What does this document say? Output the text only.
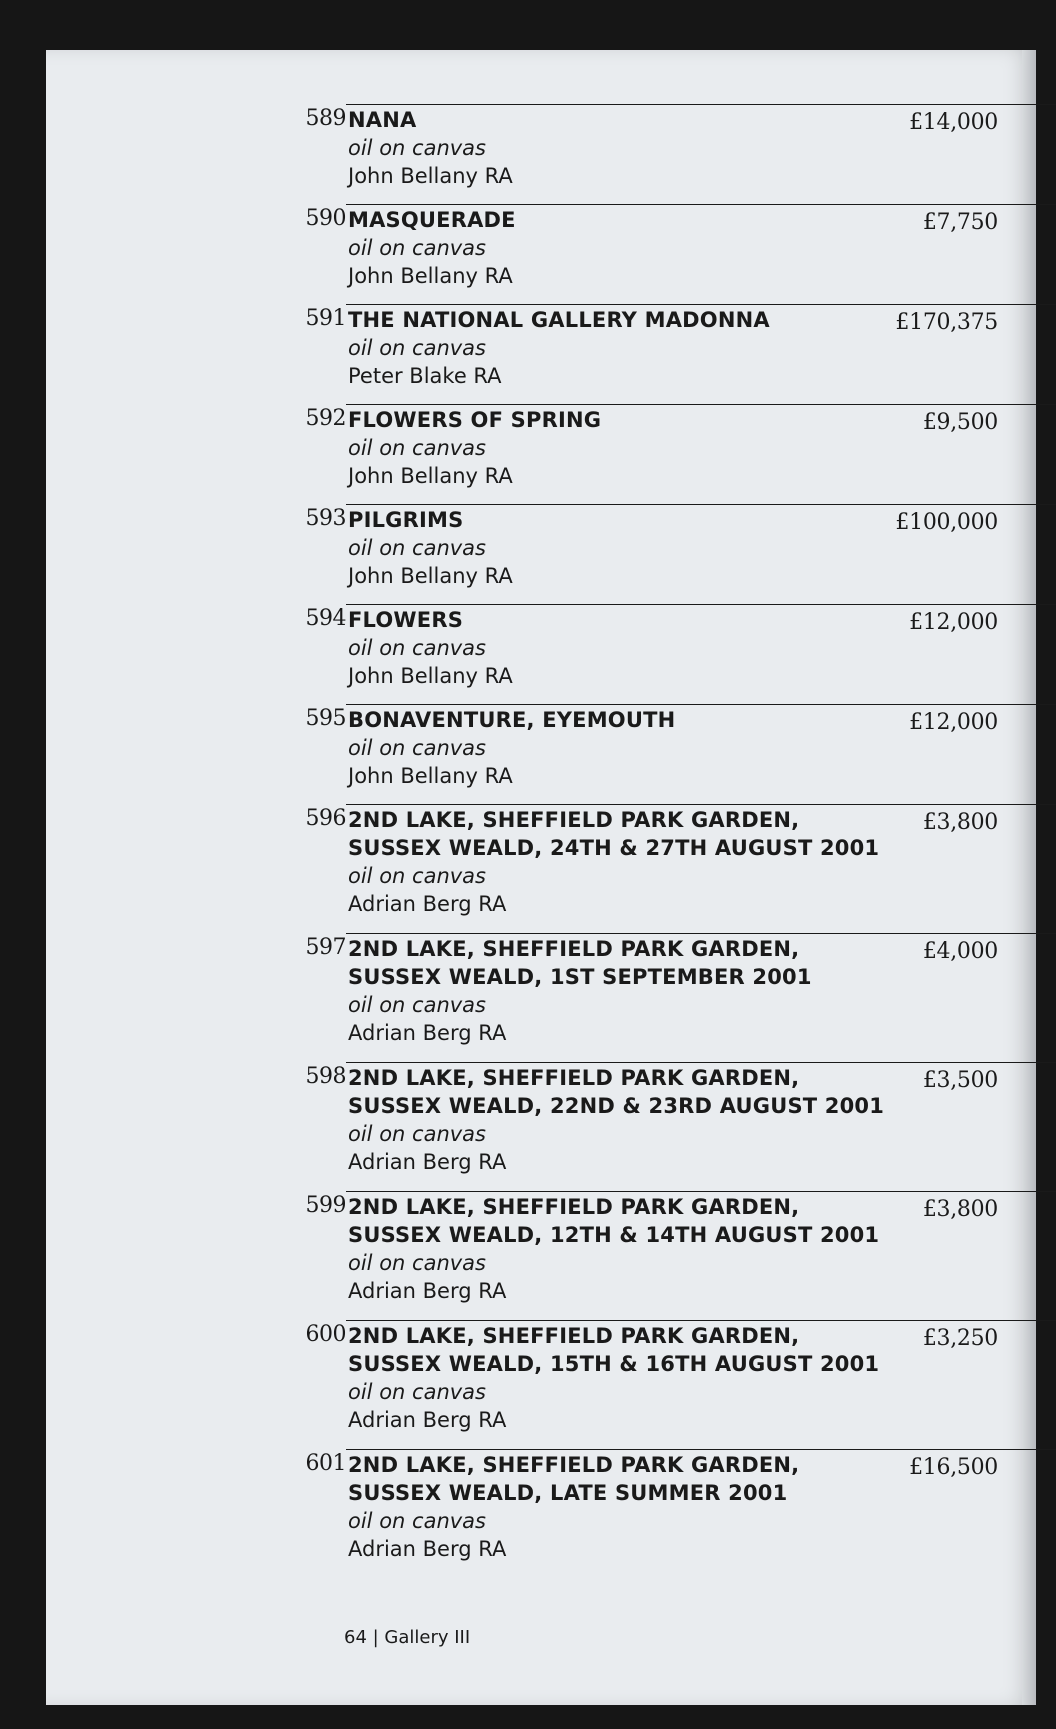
589 NANA
oil on canvas
John Bellany RA
£14,000
590 MASQUERADE
oil on canvas
John Bellany RA
£7,750
591 THE NATIONAL GALLERY MADONNA
oil on canvas
Peter Blake RA
£170,375
592 FLOWERS OF SPRING
oil on canvas
John Bellany RA
£9,500
593 PILGRIMS
oil on canvas
John Bellany RA
£100,000
594 FLOWERS
oil on canvas
John Bellany RA
£12,000
595 BONAVENTURE, EYEMOUTH
oil on canvas
John Bellany RA
£12,000
596 2ND LAKE, SHEFFIELD PARK GARDEN,
SUSSEX WEALD, 24TH & 27TH AUGUST 2001
oil on canvas
Adrian Berg RA
£3,800
597 2ND LAKE, SHEFFIELD PARK GARDEN,
SUSSEX WEALD, 1ST SEPTEMBER 2001
oil on canvas
Adrian Berg RA
£4,000
598 2ND LAKE, SHEFFIELD PARK GARDEN,
SUSSEX WEALD, 22ND & 23RD AUGUST 2001
oil on canvas
Adrian Berg RA
£3,500
599 2ND LAKE, SHEFFIELD PARK GARDEN,
SUSSEX WEALD, 12TH & 14TH AUGUST 2001
oil on canvas
Adrian Berg RA
£3,800
600 2ND LAKE, SHEFFIELD PARK GARDEN,
SUSSEX WEALD, 15TH & 16TH AUGUST 2001
oil on canvas
Adrian Berg RA
£3,250
601 2ND LAKE, SHEFFIELD PARK GARDEN,
SUSSEX WEALD, LATE SUMMER 2001
oil on canvas
Adrian Berg RA
£16,500
64 | Gallery III
